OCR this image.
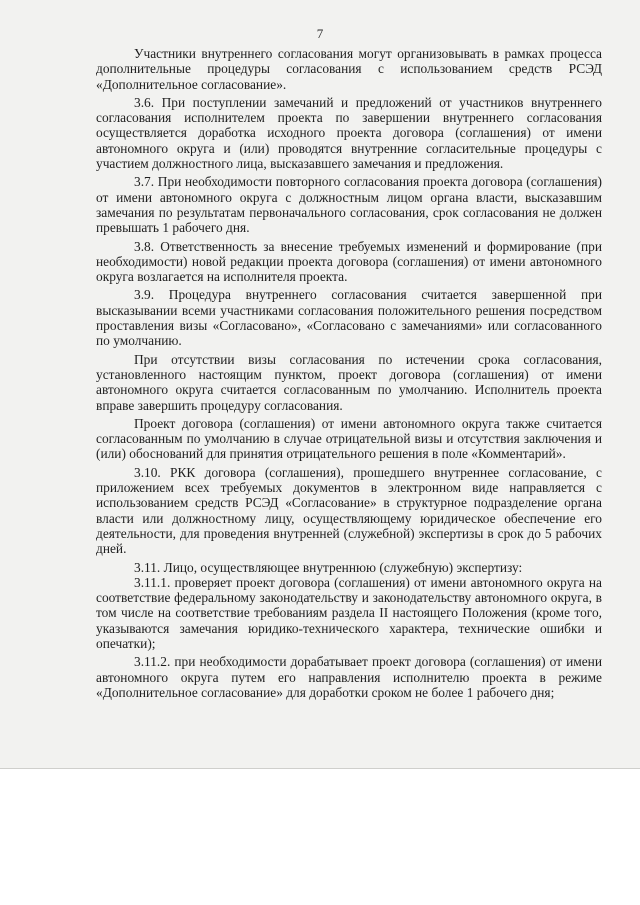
7

Участники внутреннего согласования могут организовывать в рамках процесса дополнительные процедуры согласования с использованием средств РСЭД «Дополнительное согласование».

3.6. При поступлении замечаний и предложений от участников внутреннего согласования исполнителем проекта по завершении внутреннего согласования осуществляется доработка исходного проекта договора (соглашения) от имени автономного округа и (или) проводятся внутренние согласительные процедуры с участием должностного лица, высказавшего замечания и предложения.

3.7. При необходимости повторного согласования проекта договора (соглашения) от имени автономного округа с должностным лицом органа власти, высказавшим замечания по результатам первоначального согласования, срок согласования не должен превышать 1 рабочего дня.

3.8. Ответственность за внесение требуемых изменений и формирование (при необходимости) новой редакции проекта договора (соглашения) от имени автономного округа возлагается на исполнителя проекта.

3.9. Процедура внутреннего согласования считается завершенной при высказывании всеми участниками согласования положительного решения посредством проставления визы «Согласовано», «Согласовано с замечаниями» или согласованного по умолчанию.

При отсутствии визы согласования по истечении срока согласования, установленного настоящим пунктом, проект договора (соглашения) от имени автономного округа считается согласованным по умолчанию. Исполнитель проекта вправе завершить процедуру согласования.

Проект договора (соглашения) от имени автономного округа также считается согласованным по умолчанию в случае отрицательной визы и отсутствия заключения и (или) обоснований для принятия отрицательного решения в поле «Комментарий».

3.10. РКК договора (соглашения), прошедшего внутреннее согласование, с приложением всех требуемых документов в электронном виде направляется с использованием средств РСЭД «Согласование» в структурное подразделение органа власти или должностному лицу, осуществляющему юридическое обеспечение его деятельности, для проведения внутренней (служебной) экспертизы в срок до 5 рабочих дней.

3.11. Лицо, осуществляющее внутреннюю (служебную) экспертизу:

3.11.1. проверяет проект договора (соглашения) от имени автономного округа на соответствие федеральному законодательству и законодательству автономного округа, в том числе на соответствие требованиям раздела II настоящего Положения (кроме того, указываются замечания юридико-технического характера, технические ошибки и опечатки);

3.11.2. при необходимости дорабатывает проект договора (соглашения) от имени автономного округа путем его направления исполнителю проекта в режиме «Дополнительное согласование» для доработки сроком не более 1 рабочего дня;
